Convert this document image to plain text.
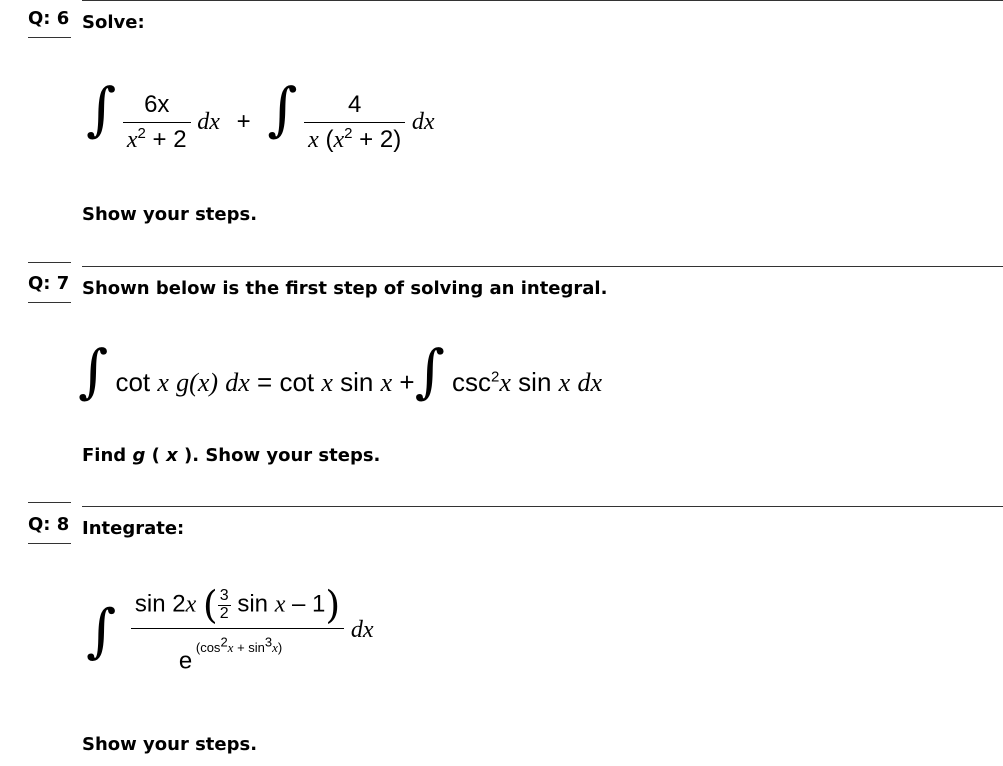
Q: 6 Solve:
∫ $\frac{6x}{x^2 + 2}$ dx + ∫ $\frac{4}{x (x^2 + 2)}$ dx
Show your steps.
Q: 7 Shown below is the first step of solving an integral.
∫ cot x g(x) dx = cot x sin x +∫ $\csc^2x$ sin x dx
Find g ( x ). Show your steps.
Q: 8 Integrate:
∫ $\frac{\sin 2x ( \frac{3}{2} \sin x - 1)}{e ^{(cos^2x + sin^3x)}}$ dx
Show your steps.
